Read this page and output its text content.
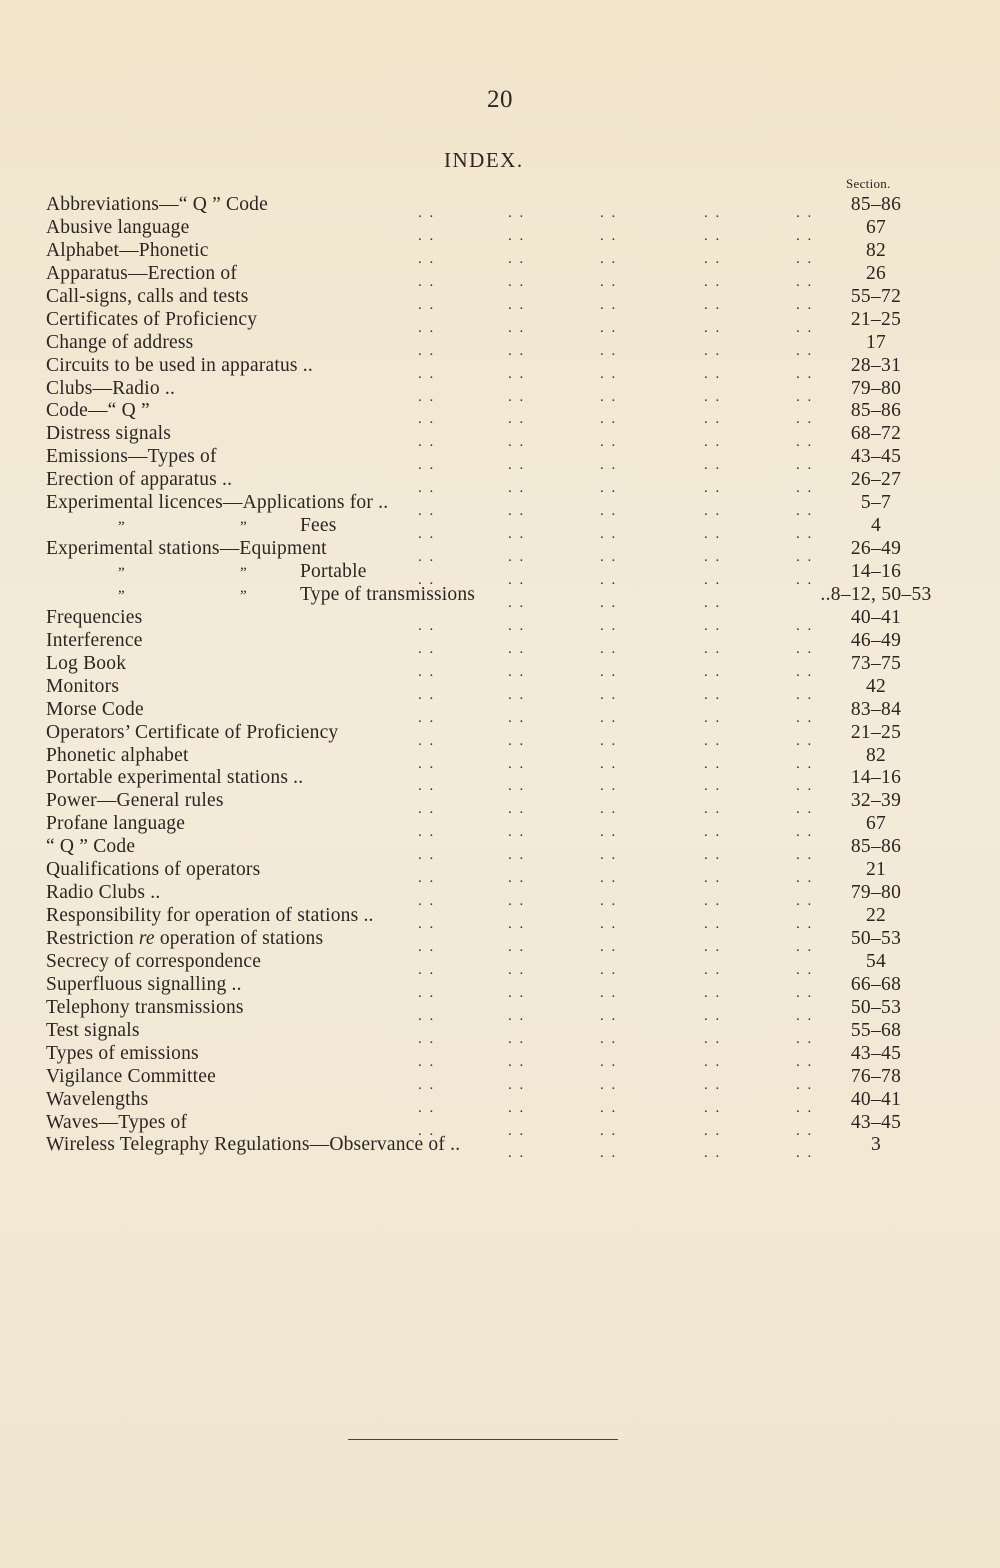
20
INDEX.
Section.
Abbreviations—“ Q ” Code	. .	. .	. .	. .	. .	85–86
Abusive language	. .	. .	. .	. .	. .	67
Alphabet—Phonetic	. .	. .	. .	. .	. .	82
Apparatus—Erection of	. .	. .	. .	. .	. .	26
Call-signs, calls and tests	. .	. .	. .	. .	. .	55–72
Certificates of Proficiency	. .	. .	. .	. .	. .	21–25
Change of address	. .	. .	. .	. .	. .	17
Circuits to be used in apparatus ..	. .	. .	. .	. .	. .	28–31
Clubs—Radio ..	. .	. .	. .	. .	. .	79–80
Code—“ Q ”	. .	. .	. .	. .	. .	85–86
Distress signals	. .	. .	. .	. .	. .	68–72
Emissions—Types of	. .	. .	. .	. .	. .	43–45
Erection of apparatus ..	. .	. .	. .	. .	. .	26–27
Experimental licences—Applications for .. . .	. .	. .	. .	. .	5–7
”	”	Fees	. .	. .	. .	. .	. .	4
Experimental stations—Equipment	. .	. .	. .	. .	. .	26–49
”	”	Portable	. .	. .	. .	. .	. .	14–16
”	”	Type of transmissions . .	. .	. .	..8–12, 50–53
Frequencies	. .	. .	. .	. .	. .	40–41
Interference	. .	. .	. .	. .	. .	46–49
Log Book	. .	. .	. .	. .	. .	73–75
Monitors	. .	. .	. .	. .	. .	42
Morse Code	. .	. .	. .	. .	. .	83–84
Operators’ Certificate of Proficiency	. .	. .	. .	. .	. .	21–25
Phonetic alphabet	. .	. .	. .	. .	. .	82
Portable experimental stations ..	. .	. .	. .	. .	. .	14–16
Power—General rules	. .	. .	. .	. .	. .	32–39
Profane language	. .	. .	. .	. .	. .	67
“ Q ” Code	. .	. .	. .	. .	. .	85–86
Qualifications of operators	. .	. .	. .	. .	. .	21
Radio Clubs ..	. .	. .	. .	. .	. .	79–80
Responsibility for operation of stations ..	. .	. .	. .	. .	. .	22
Restriction re operation of stations	. .	. .	. .	. .	. .	50–53
Secrecy of correspondence	. .	. .	. .	. .	. .	54
Superfluous signalling ..	. .	. .	. .	. .	. .	66–68
Telephony transmissions	. .	. .	. .	. .	. .	50–53
Test signals	. .	. .	. .	. .	. .	55–68
Types of emissions	. .	. .	. .	. .	. .	43–45
Vigilance Committee	. .	. .	. .	. .	. .	76–78
Wavelengths	. .	. .	. .	. .	. .	40–41
Waves—Types of	. .	. .	. .	. .	. .	43–45
Wireless Telegraphy Regulations—Observance of ..	. .	. .	. .	. .	3
